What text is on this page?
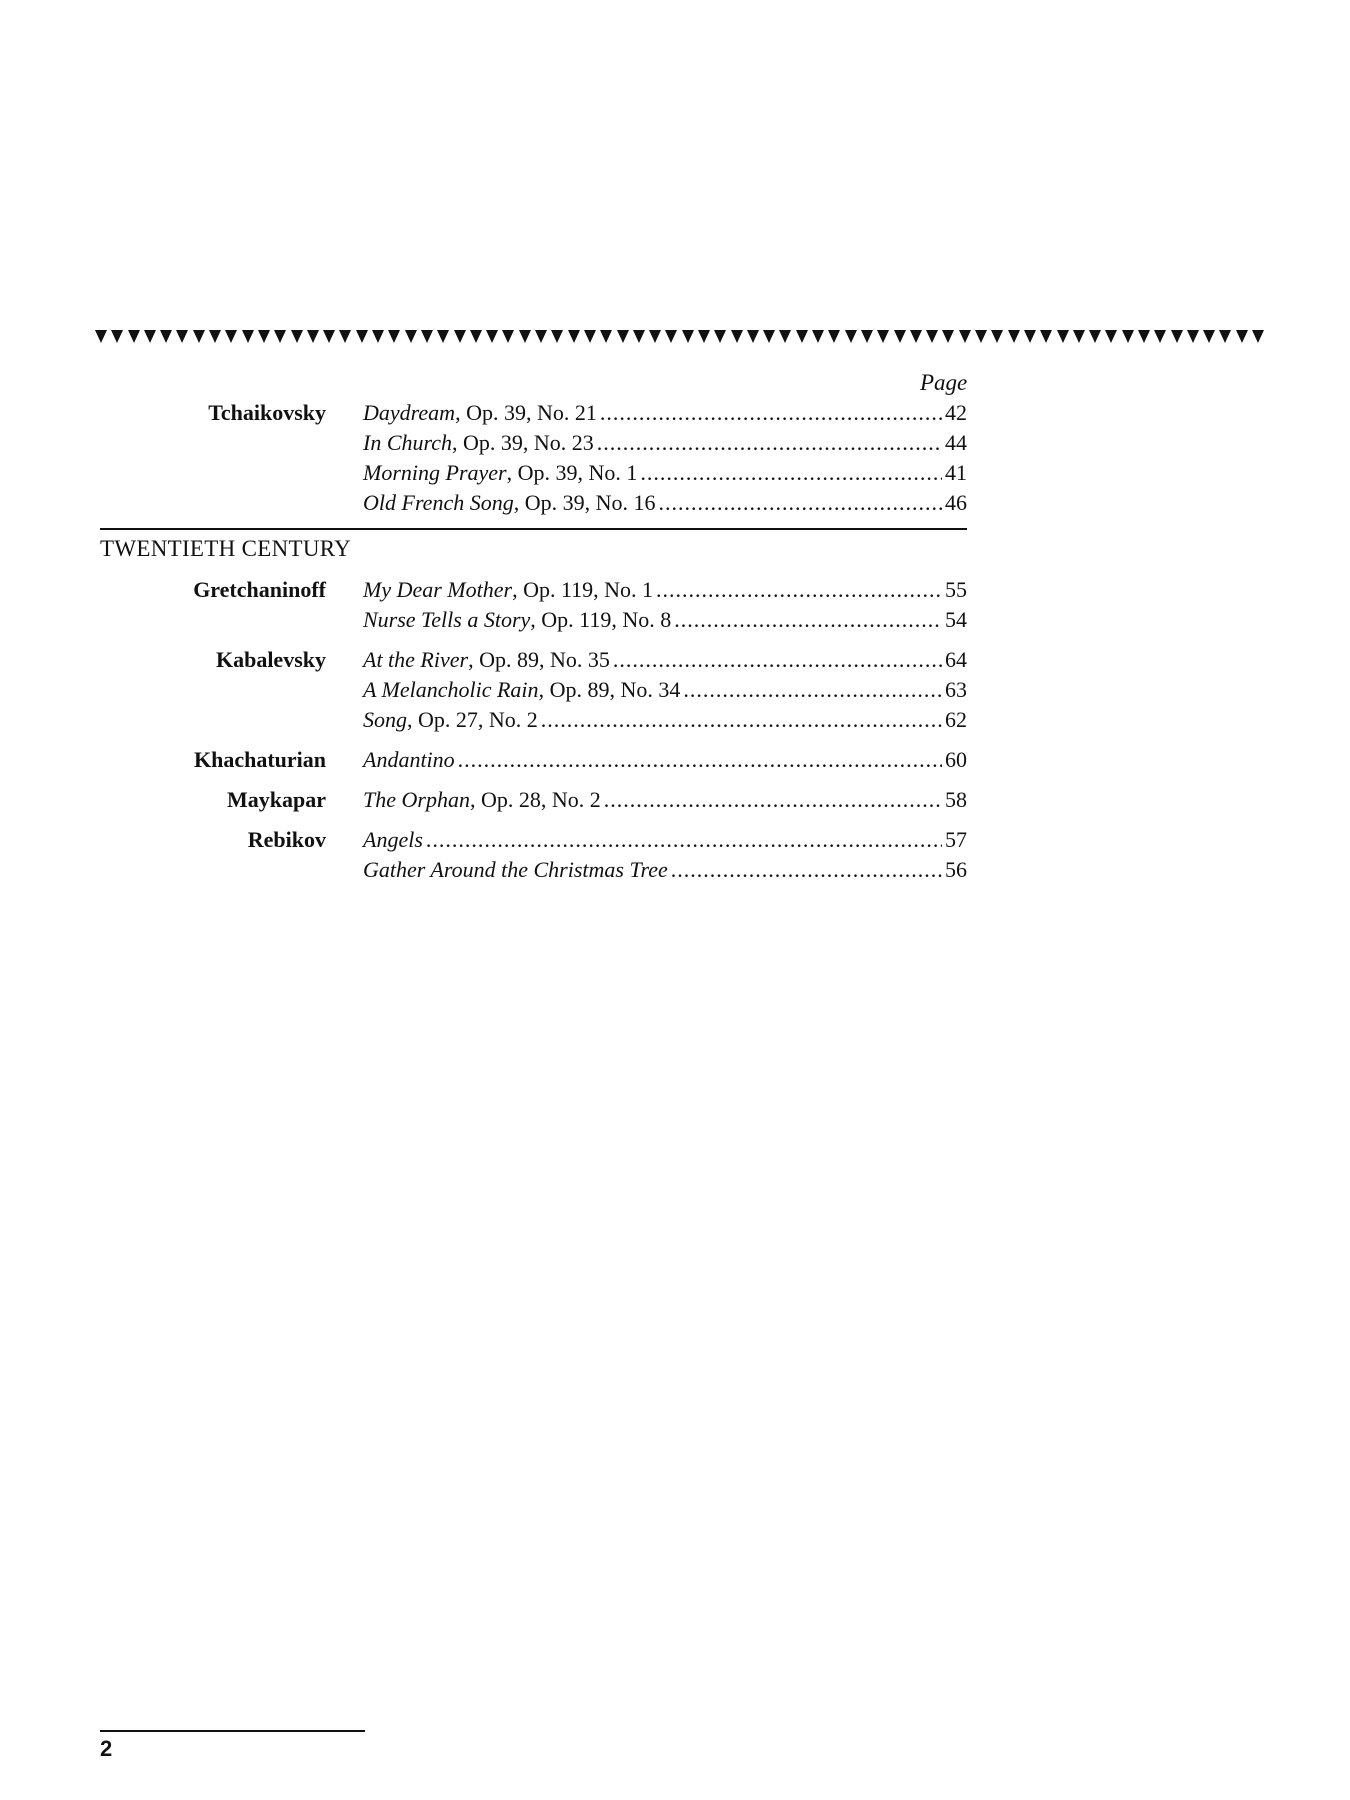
Page
Tchaikovsky Daydream , Op. 39, No. 21 .....	42
In Church , Op. 39, No. 23 .....	44
Morning Prayer , Op. 39, No. 1 .....	41
Old French Song , Op. 39, No. 16 .....	46
TWENTIETH CENTURY
Gretchaninoff My Dear Mother , Op. 119, No. 1 .....	55
Nurse Tells a Story , Op. 119, No. 8 .....	54
Kabalevsky At the River , Op. 89, No. 35 .....	64
A Melancholic Rain , Op. 89, No. 34 .....	63
Song , Op. 27, No. 2 .....	62
Khachaturian Andantino .....	60
Maykapar The Orphan , Op. 28, No. 2 .....	58
Rebikov Angels .....	57
Gather Around the Christmas Tree .....	56
2
